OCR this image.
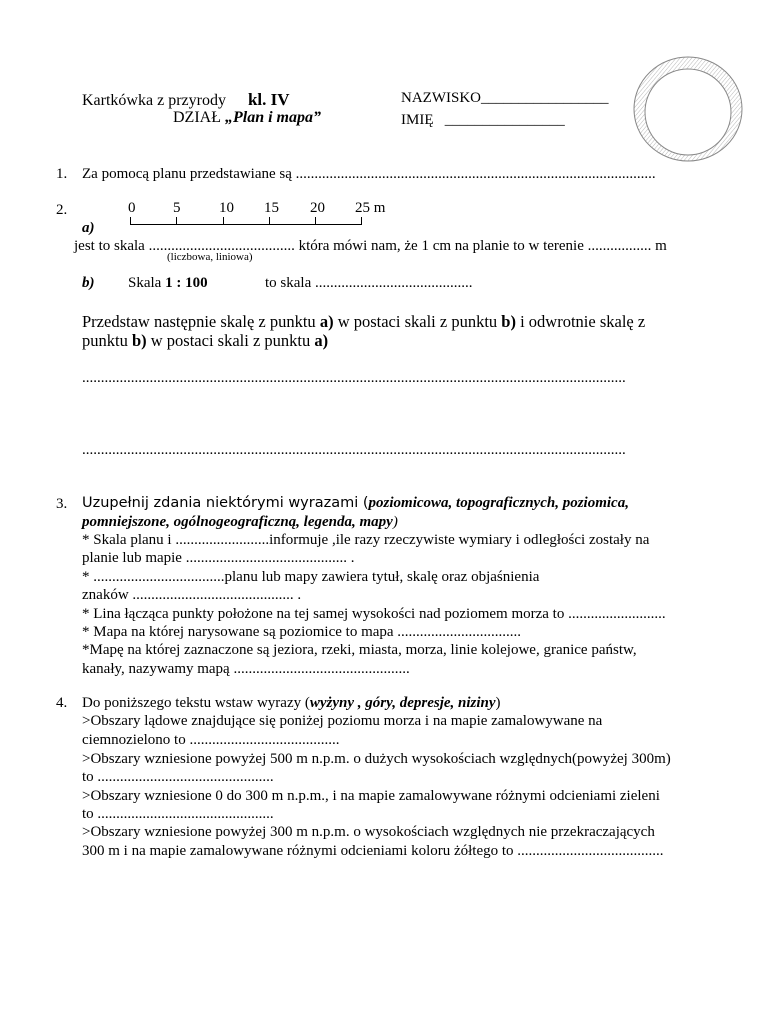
Kartkówka z przyrody kl. IV
DZIAŁ „Plan i mapa”
NAZWISKO_________________
IMIĘ   ________________
1. Za pomocą planu przedstawiane są ................................................................................................
2.	0	5	10 15 20 25 m
a)
jest to skala ....................................... która mówi nam, że 1 cm na planie to w terenie ................. m
(liczbowa, liniowa)
b) Skala 1 : 100	to skala ..........................................
Przedstaw następnie skalę z punktu a) w postaci skali z punktu b) i odwrotnie skalę z
punktu b) w postaci skali z punktu a)
.................................................................................................................................................
.................................................................................................................................................
3. Uzupełnij zdania niektórymi wyrazami (poziomicowa, topograficznych, poziomica,
pomniejszone, ogólnogeograficzną, legenda, mapy)
* Skala planu i .........................informuje ,ile razy rzeczywiste wymiary i odległości zostały na
planie lub mapie ........................................... .
* ...................................planu lub mapy zawiera tytuł, skalę oraz objaśnienia
znaków ........................................... .
* Lina łącząca punkty położone na tej samej wysokości nad poziomem morza to ..........................
* Mapa na której narysowane są poziomice to mapa .................................
*Mapę na której zaznaczone są jeziora, rzeki, miasta, morza, linie kolejowe, granice państw,
kanały, nazywamy mapą ...............................................
4. Do poniższego tekstu wstaw wyrazy (wyżyny , góry, depresje, niziny)
>Obszary lądowe znajdujące się poniżej poziomu morza i na mapie zamalowywane na
ciemnozielono to ........................................
>Obszary wzniesione powyżej 500 m n.p.m. o dużych wysokościach względnych(powyżej 300m)
to ...............................................
>Obszary wzniesione 0 do 300 m n.p.m., i na mapie zamalowywane różnymi odcieniami zieleni
to ...............................................
>Obszary wzniesione powyżej 300 m n.p.m. o wysokościach względnych nie przekraczających
300 m i na mapie zamalowywane różnymi odcieniami koloru żółtego to .......................................
